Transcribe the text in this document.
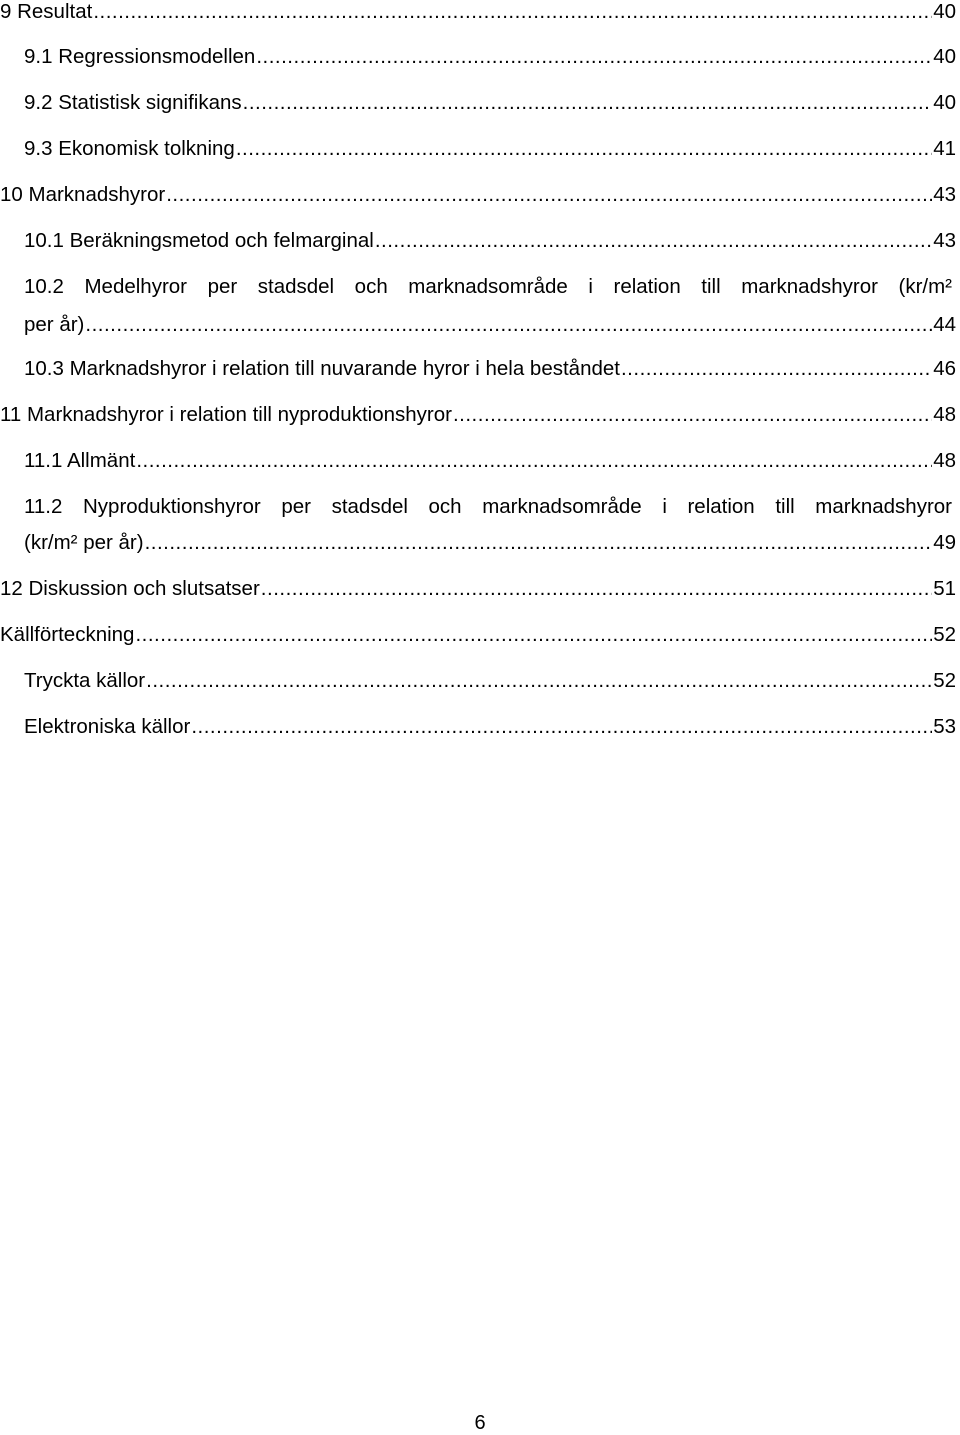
9 Resultat .....	40
9.1 Regressionsmodellen .....	40
9.2 Statistisk signifikans .....	40
9.3 Ekonomisk tolkning .....	41
10 Marknadshyror .....	43
10.1 Beräkningsmetod och felmarginal .....	43
10.2 Medelhyror per stadsdel och marknadsområde i relation till marknadshyror (kr/m²
per år) .....	44
10.3 Marknadshyror i relation till nuvarande hyror i hela beståndet .....	46
11 Marknadshyror i relation till nyproduktionshyror .....	48
11.1 Allmänt .....	48
11.2 Nyproduktionshyror per stadsdel och marknadsområde i relation till marknadshyror
(kr/m² per år) .....	49
12 Diskussion och slutsatser .....	51
Källförteckning .....	52
Tryckta källor .....	52
Elektroniska källor .....	53
6
